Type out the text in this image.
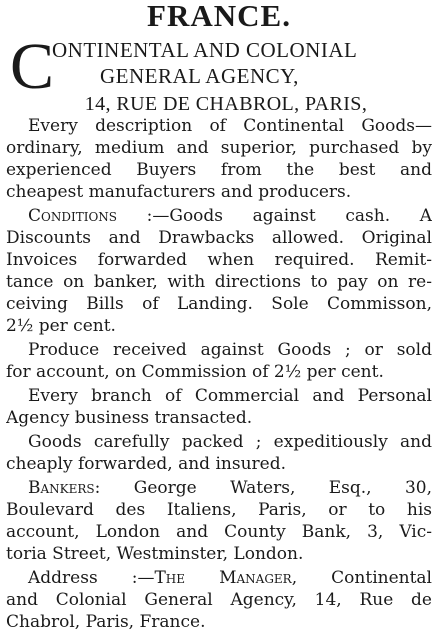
FRANCE.
C
ONTINENTAL AND COLONIAL
GENERAL AGENCY,
14, RUE DE CHABROL, PARIS,
Every description of Continental Goods—
ordinary, medium and superior, purchased by
experienced Buyers from the best and
cheapest manufacturers and producers.
Conditions :—Goods against cash. A
Discounts and Drawbacks allowed. Original
Invoices forwarded when required. Remit-
tance on banker, with directions to pay on re-
ceiving Bills of Landing. Sole Commisson,
2½ per cent.
Produce received against Goods ; or sold
for account, on Commission of 2½ per cent.
Every branch of Commercial and Personal
Agency business transacted.
Goods carefully packed ; expeditiously and
cheaply forwarded, and insured.
Bankers: George Waters, Esq., 30,
Boulevard des Italiens, Paris, or to his
account, London and County Bank, 3, Vic-
toria Street, Westminster, London.
Address :—The Manager, Continental
and Colonial General Agency, 14, Rue de
Chabrol, Paris, France.
